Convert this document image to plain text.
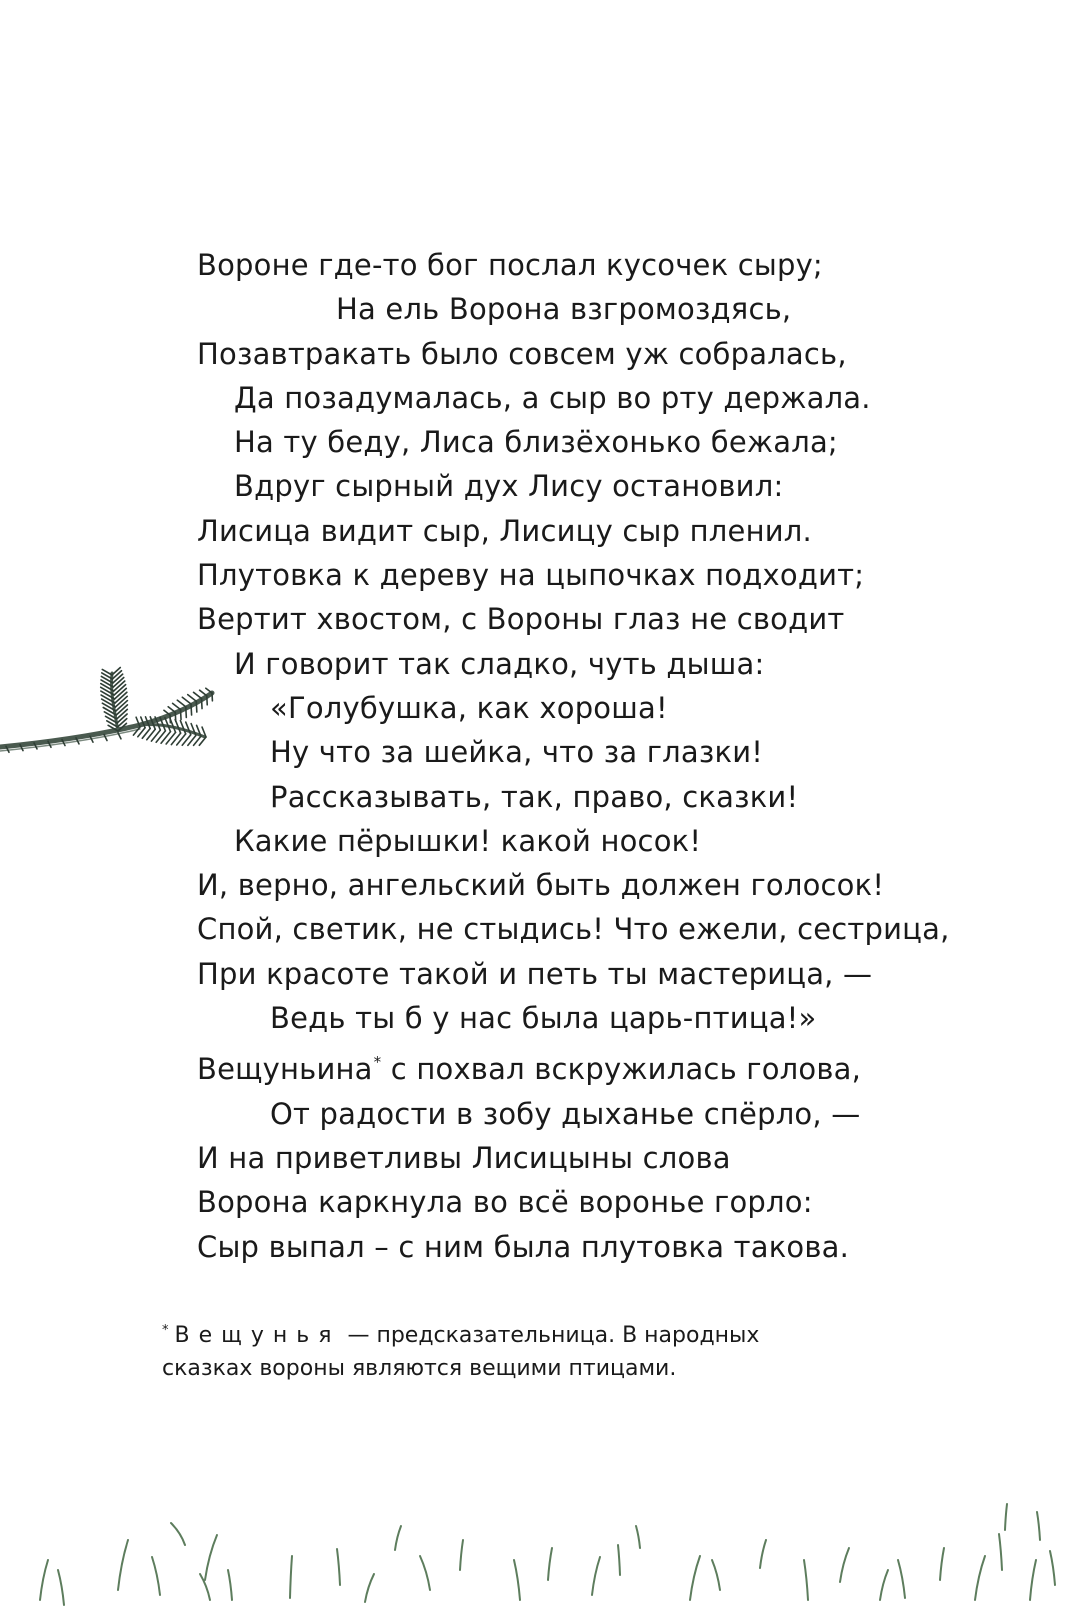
Вороне где-то бог послал кусочек сыру;
На ель Ворона взгромоздясь,
Позавтракать было совсем уж собралась,
Да позадумалась, а сыр во рту держала.
На ту беду, Лиса близёхонько бежала;
Вдруг сырный дух Лису остановил:
Лисица видит сыр, Лисицу сыр пленил.
Плутовка к дереву на цыпочках подходит;
Вертит хвостом, с Вороны глаз не сводит
И говорит так сладко, чуть дыша:
«Голубушка, как хороша!
Ну что за шейка, что за глазки!
Рассказывать, так, право, сказки!
Какие пёрышки! какой носок!
И, верно, ангельский быть должен голосок!
Спой, светик, не стыдись! Что ежели, сестрица,
При красоте такой и петь ты мастерица, —
Ведь ты б у нас была царь-птица!»
Вещуньина* с похвал вскружилась голова,
От радости в зобу дыханье спёрло, —
И на приветливы Лисицыны слова
Ворона каркнула во всё воронье горло:
Сыр выпал – с ним была плутовка такова.

* Вещунья — предсказательница. В народных
сказках вороны являются вещими птицами.
